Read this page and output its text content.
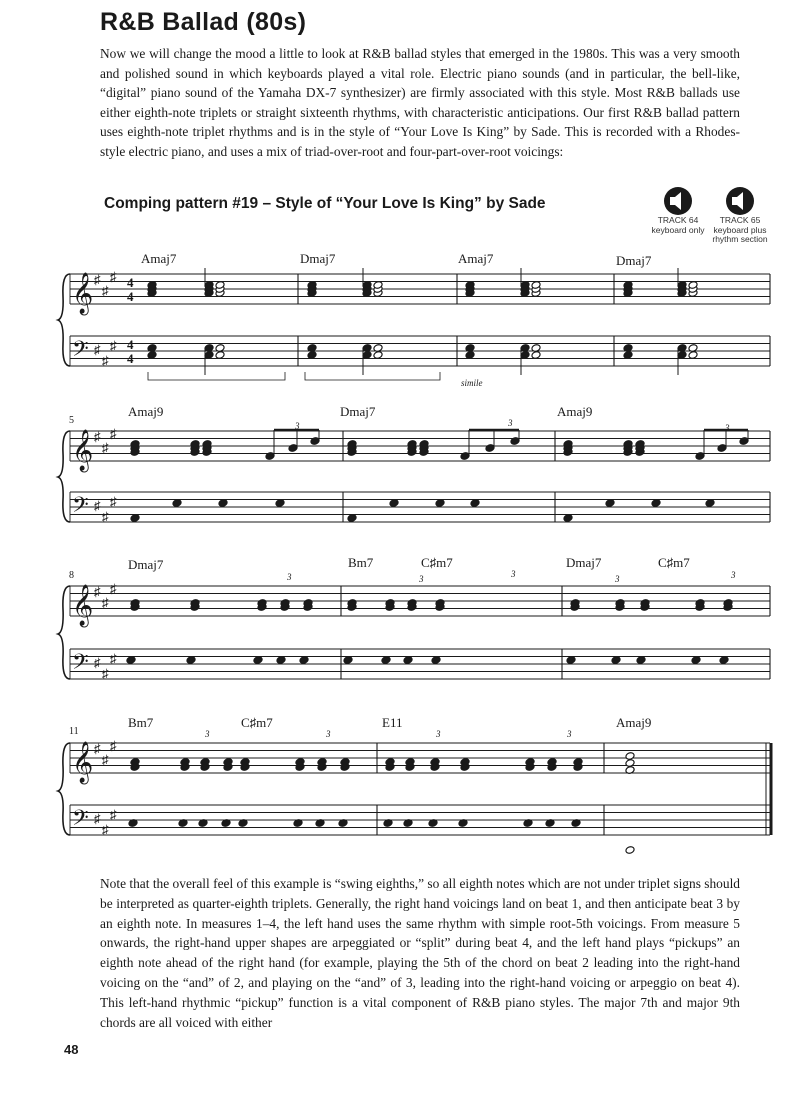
R&B Ballad (80s)

Now we will change the mood a little to look at R&B ballad styles that emerged in the 1980s. This was a very smooth and polished sound in which keyboards played a vital role. Electric piano sounds (and in particular, the bell-like, “digital” piano sound of the Yamaha DX-7 synthesizer) are firmly associated with this style. Most R&B ballads use either eighth-note triplets or straight sixteenth rhythms, with characteristic anticipations. Our first R&B ballad pattern uses eighth-note triplet rhythms and is in the style of “Your Love Is King” by Sade. This is recorded with a Rhodes-style electric piano, and uses a mix of triad-over-root and four-part-over-root voicings:

Comping pattern #19 – Style of “Your Love Is King” by Sade
TRACK 64
keyboard only
TRACK 65
keyboard plus rhythm section
𝄞
𝄢
𝄞
𝄢
𝄞
𝄢
𝄞
𝄢
♯
♯
♯
♯
♯
♯
♯
♯
♯
♯
♯
♯
♯
♯
♯
♯
♯
♯
♯
♯
♯
♯
♯
♯
4
4
4
4
5
8
11
Amaj7	Dmaj7	Amaj7	Dmaj7
Amaj9	Dmaj7	Amaj9
Dmaj7	Bm7	C♯m7	Dmaj7	C♯m7
Bm7	C♯m7	E11	Amaj9
3	3	3
3	3	3	3	3
3	3	3	3
simile

Note that the overall feel of this example is “swing eighths,” so all eighth notes which are not under triplet signs should be interpreted as quarter-eighth triplets. Generally, the right hand voicings land on beat 1, and then anticipate beat 3 by an eighth note. In measures 1–4, the left hand uses the same rhythm with simple root-5th voicings. From measure 5 onwards, the right-hand upper shapes are arpeggiated or “split” during beat 4, and the left hand plays “pickups” an eighth note ahead of the right hand (for example, playing the 5th of the chord on beat 2 leading into the right-hand voicing on the “and” of 2, and playing on the “and” of 3, leading into the right-hand voicing or arpeggio on beat 4). This left-hand rhythmic “pickup” function is a vital component of R&B piano styles. The major 7th and major 9th chords are all voiced with either

48
